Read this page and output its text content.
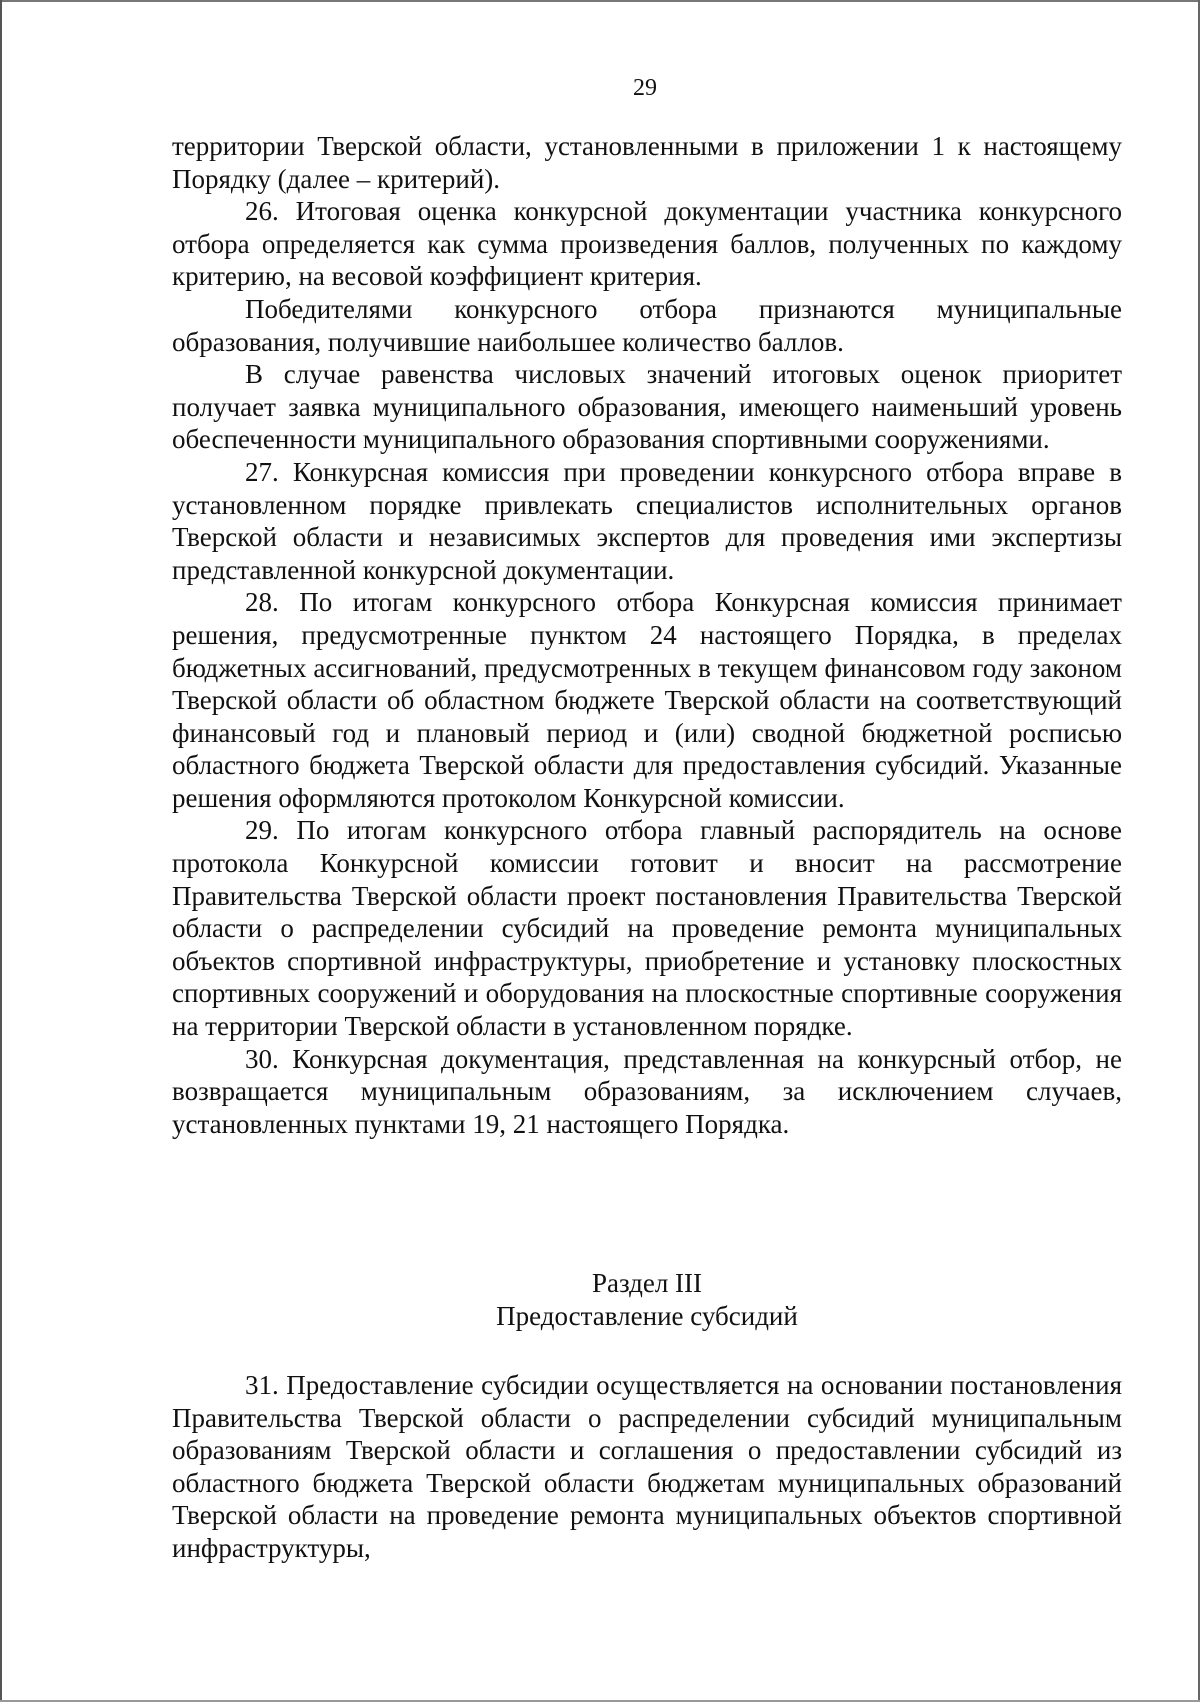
29

территории Тверской области, установленными в приложении 1 к настоящему Порядку (далее – критерий).

26. Итоговая оценка конкурсной документации участника конкурсного отбора определяется как сумма произведения баллов, полученных по каждому критерию, на весовой коэффициент критерия.

Победителями конкурсного отбора признаются муниципальные образования, получившие наибольшее количество баллов.

В случае равенства числовых значений итоговых оценок приоритет получает заявка муниципального образования, имеющего наименьший уровень обеспеченности муниципального образования спортивными сооружениями.

27. Конкурсная комиссия при проведении конкурсного отбора вправе в установленном порядке привлекать специалистов исполнительных органов Тверской области и независимых экспертов для проведения ими экспертизы представленной конкурсной документации.

28. По итогам конкурсного отбора Конкурсная комиссия принимает решения, предусмотренные пунктом 24 настоящего Порядка, в пределах бюджетных ассигнований, предусмотренных в текущем финансовом году законом Тверской области об областном бюджете Тверской области на соответствующий финансовый год и плановый период и (или) сводной бюджетной росписью областного бюджета Тверской области для предоставления субсидий. Указанные решения оформляются протоколом Конкурсной комиссии.

29. По итогам конкурсного отбора главный распорядитель на основе протокола Конкурсной комиссии готовит и вносит на рассмотрение Правительства Тверской области проект постановления Правительства Тверской области о распределении субсидий на проведение ремонта муниципальных объектов спортивной инфраструктуры, приобретение и установку плоскостных спортивных сооружений и оборудования на плоскостные спортивные сооружения на территории Тверской области в установленном порядке.

30. Конкурсная документация, представленная на конкурсный отбор, не возвращается муниципальным образованиям, за исключением случаев, установленных пунктами 19, 21 настоящего Порядка.

Раздел III
Предоставление субсидий

31. Предоставление субсидии осуществляется на основании постановления Правительства Тверской области о распределении субсидий муниципальным образованиям Тверской области и соглашения о предоставлении субсидий из областного бюджета Тверской области бюджетам муниципальных образований Тверской области на проведение ремонта муниципальных объектов спортивной инфраструктуры,
